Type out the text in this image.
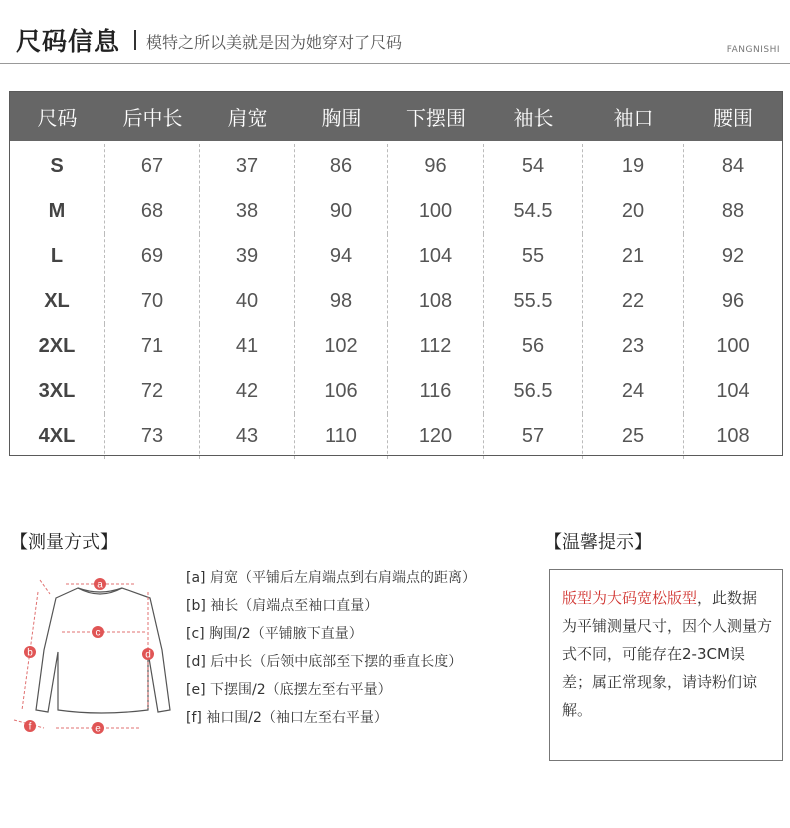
尺码信息 模特之所以美就是因为她穿对了尺码	FANGNISHI
尺码	后中长	肩宽	胸围	下摆围	袖长	袖口	腰围
S	67	37	86	96	54	19	84
M	68	38	90	100	54.5	20	88
L	69	39	94	104	55	21	92
XL	70	40	98	108	55.5	22	96
2XL	71	41	102	112	56	23	100
3XL	72	42	106	116	56.5	24	104
4XL	73	43	110	120	57	25	108
【测量方式】	【温馨提示】
a
b
c
d
e
f
[a] 肩宽（平铺后左肩端点到右肩端点的距离）
[b] 袖长（肩端点至袖口直量）
[c] 胸围/2（平铺腋下直量）
[d] 后中长（后领中底部至下摆的垂直长度）
[e] 下摆围/2（底摆左至右平量）
[f] 袖口围/2（袖口左至右平量）
版型为大码宽松版型，此数据为平铺测量尺寸，因个人测量方式不同，可能存在2-3CM误差；属正常现象，请诗粉们谅解。
